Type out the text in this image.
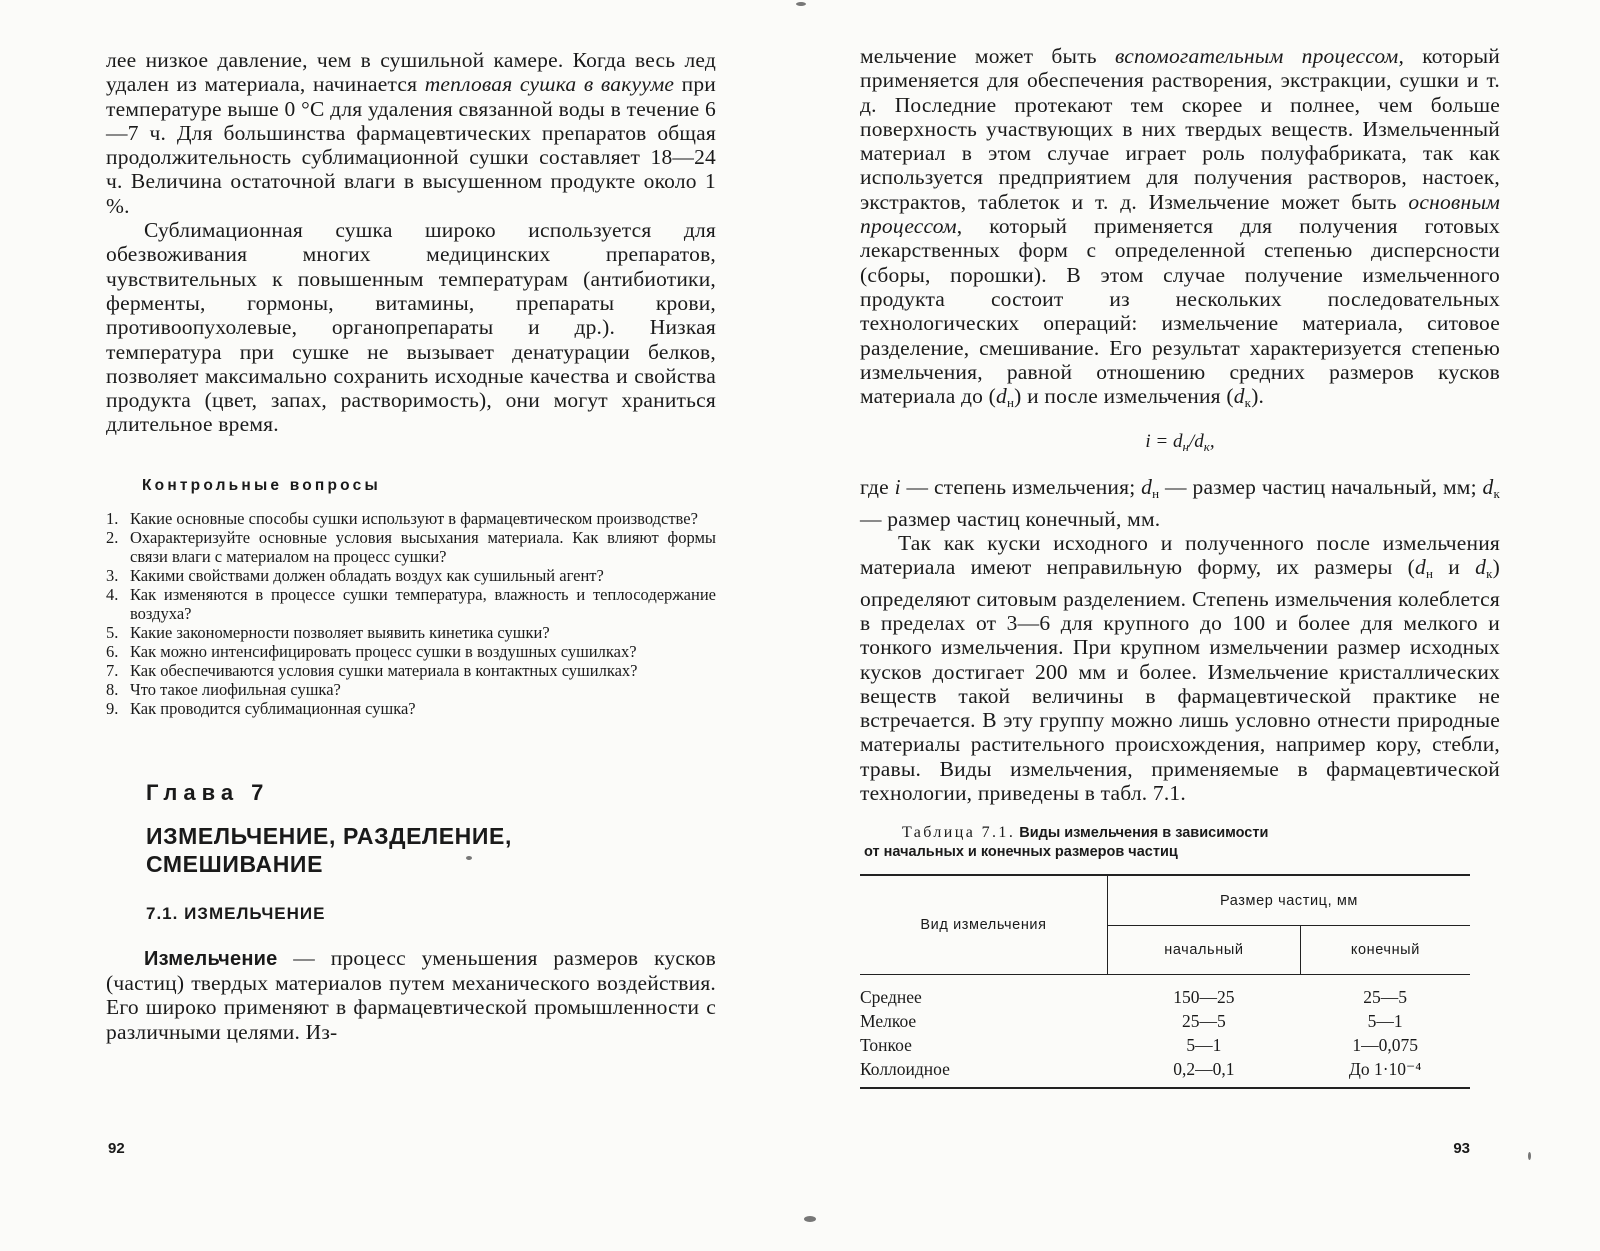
лее низкое давление, чем в сушильной камере. Когда весь лед удален из материала, начинается тепловая сушка в вакууме при температуре выше 0 °С для удаления связанной воды в течение 6—7 ч. Для большинства фармацевтических препаратов общая продолжительность сублимационной сушки составляет 18—24 ч. Величина остаточной влаги в высушенном продукте около 1 %.

Сублимационная сушка широко используется для обезвоживания многих медицинских препаратов, чувствительных к повышенным температурам (антибиотики, ферменты, гормоны, витамины, препараты крови, противоопухолевые, органопрепараты и др.). Низкая температура при сушке не вызывает денатурации белков, позволяет максимально сохранить исходные качества и свойства продукта (цвет, запах, растворимость), они могут храниться длительное время.

Контрольные вопросы
1. Какие основные способы сушки используют в фармацевтическом производстве?
2. Охарактеризуйте основные условия высыхания материала. Как влияют формы связи влаги с материалом на процесс сушки?
3. Какими свойствами должен обладать воздух как сушильный агент?
4. Как изменяются в процессе сушки температура, влажность и теплосодержание воздуха?
5. Какие закономерности позволяет выявить кинетика сушки?
6. Как можно интенсифицировать процесс сушки в воздушных сушилках?
7. Как обеспечиваются условия сушки материала в контактных сушилках?
8. Что такое лиофильная сушка?
9. Как проводится сублимационная сушка?
Глава 7
ИЗМЕЛЬЧЕНИЕ, РАЗДЕЛЕНИЕ, СМЕШИВАНИЕ
7.1. ИЗМЕЛЬЧЕНИЕ

Измельчение — процесс уменьшения размеров кусков (частиц) твердых материалов путем механического воздействия. Его широко применяют в фармацевтической промышленности с различными целями. Из-

92

мельчение может быть вспомогательным процессом, который применяется для обеспечения растворения, экстракции, сушки и т. д. Последние протекают тем скорее и полнее, чем больше поверхность участвующих в них твердых веществ. Измельченный материал в этом случае играет роль полуфабриката, так как используется предприятием для получения растворов, настоек, экстрактов, таблеток и т. д. Измельчение может быть основным процессом, который применяется для получения готовых лекарственных форм с определенной степенью дисперсности (сборы, порошки). В этом случае получение измельченного продукта состоит из нескольких последовательных технологических операций: измельчение материала, ситовое разделение, смешивание. Его результат характеризуется степенью измельчения, равной отношению средних размеров кусков материала до $(d_н)$ и после измельчения $(d_к)$.

$i = d_н/d_к$,

где i — степень измельчения; $d_н$ — размер частиц начальный, мм; $d_к$ — размер частиц конечный, мм.

Так как куски исходного и полученного после измельчения материала имеют неправильную форму, их размеры ($d_н$ и $d_к$) определяют ситовым разделением. Степень измельчения колеблется в пределах от 3—6 для крупного до 100 и более для мелкого и тонкого измельчения. При крупном измельчении размер исходных кусков достигает 200 мм и более. Измельчение кристаллических веществ такой величины в фармацевтической практике не встречается. В эту группу можно лишь условно отнести природные материалы растительного происхождения, например кору, стебли, травы. Виды измельчения, применяемые в фармацевтической технологии, приведены в табл. 7.1.

Таблица 7.1. Виды измельчения в зависимости
от начальных и конечных размеров частиц
Вид измельчения	Размер частиц, мм	
	начальный	конечный
Среднее	150—25	25—5
Мелкое	25—5	5—1
Тонкое	5—1	1—0,075
Коллоидное	0,2—0,1	До 1·10⁻⁴
93
